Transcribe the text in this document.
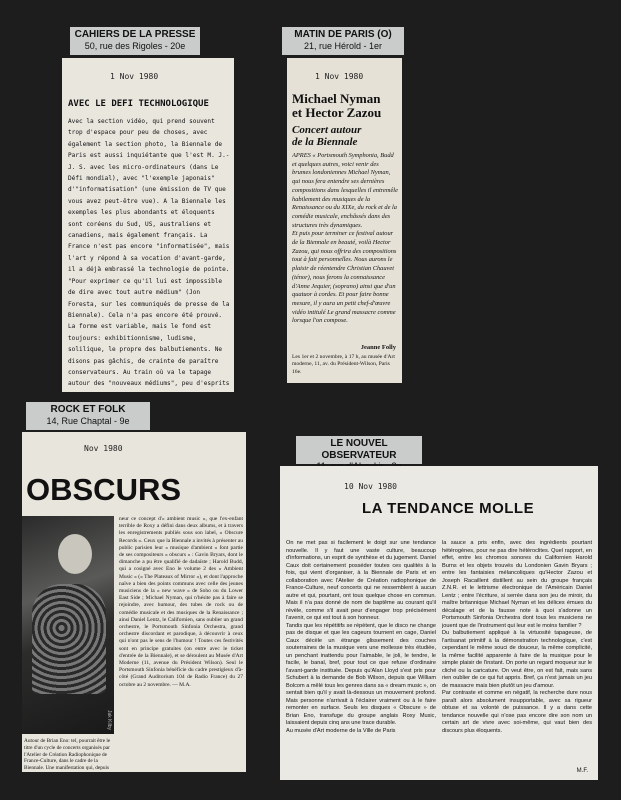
CAHIERS DE LA PRESSE
50, rue des Rigoles - 20e
1 Nov 1980
AVEC LE DEFI TECHNOLOGIQUE
Avec la section vidéo, qui prend souvent trop d'espace pour peu de choses, avec également la section photo, la Biennale de Paris est aussi inquiétante que l'est M. J.-J. S. avec les micro-ordinateurs (dans Le Défi mondial), avec "l'exemple japonais" d'"informatisation" (une émission de TV que vous avez peut-être vue). A la Biennale les exemples les plus abondants et éloquents sont coréens du Sud, US, australiens et canadiens, mais également français. La France n'est pas encore "informatisée", mais l'art y répond à sa vocation d'avant-garde, il a déjà embrassé la technologie de pointe. "Pour exprimer ce qu'il lui est impossible de dire avec tout autre médium" (Jon Foresta, sur les communiqués de presse de la Biennale). Cela n'a pas encore été prouvé. La forme est variable, mais le fond est toujours: exhibitionnisme, ludisme, solilique, le propre des balbutiements. Ne disons pas gâchis, de crainte de paraître conservateurs. Au train où va le tapage autour des "nouveaux médiums", peu d'esprits
MATIN DE PARIS (O)
21, rue Hérold - 1er
1 Nov 1980
Michael Nyman
et Hector Zazou
Concert autour
de la Biennale
APRES « Portsmouth Symphonia, Budd et quelques autres, voici venir des brumes londoniennes Michael Nyman, qui nous fera entendre ses dernières compositions dans lesquelles il entremêle habilement des musiques de la Renaissance ou du XIXe, du rock et de la comédie musicale, enchâssés dans des structures très dynamiques.
Et puis pour terminer ce festival autour de la Biennale en beauté, voilà Hector Zazou, qui nous offrira des compositions tout à fait personnelles. Nous aurons le plaisir de réentendre Christian Chauvet (ténor), nous ferons la connaissance d'Anne Jequier, (soprano) ainsi que d'un quatuor à cordes. Et pour faire bonne mesure, il y aura un petit chef-d'œuvre vidéo intitulé Le grand massacre comme lorsque l'on compose.
Jeanne Folly
Les 1er et 2 novembre, à 17 h, au musée d'Art moderne, 11, av. du Président-Wilson, Paris 16e.
ROCK ET FOLK
14, Rue Chaptal - 9e
Nov 1980
OBSCURS
Jak Kilby
Autour de Brian Eno: tel, pourrait être le titre d'un cycle de concerts organisés par l'Atelier de Création Radiophonique de France-Culture, dans le cadre de la Biennale. Une manifestation qui, depuis
neur ce concept d'« ambient music », que l'ex-enfant terrible de Roxy a défini dans deux albums, et à travers les enregistrements publiés sous son label, « Obscure Records ». Ceux que la Biennale a invités à présenter au public parisien leur « musique d'ambient » font partie de ses compositeurs « obscurs » : Gavin Bryars, dont le dimanche a pu être qualifié de dadaïste ; Harold Budd, qui a cosigné avec Eno le volume 2 des « Ambient Music » (« The Plateaux of Mirror »), et dont l'approche naïve a bien des points communs avec celle des jeunes musiciens de la « new wave » de Soho ou du Lower East Side ; Michael Nyman, qui n'hésite pas à faire se rejoindre, avec humour, des tubes de rock ou de comédie musicale et des musiques de la Renaissance ; ainsi Daniel Lentz, le Californien, sans oublier un grand orchestre, le Portsmouth Sinfonia Orchestra, grand orchestre discordant et parodique, à découvrir à ceux qui n'ont pas le sens de l'humour ! Toutes ces festivités sont en principe gratuites (on entre avec le ticket d'entrée de la Biennale), et se déroulent au Musée d'Art Moderne (11, avenue du Président Wilson). Seul le Portsmouth Sinfonia bénéficie du cadre prestigieux d'à-côté (Grand Auditorium 104 de Radio France) du 27 octobre au 2 novembre. — M.A.
LE NOUVEL OBSERVATEUR
10 Nov 1980
LA TENDANCE MOLLE
On ne met pas si facilement le doigt sur une tendance nouvelle. Il y faut une vaste culture, beaucoup d'informations, un esprit de synthèse et du jugement. Daniel Caux doit certainement posséder toutes ces qualités à la fois, qui vient d'organiser, à la Biennale de Paris et en collaboration avec l'Atelier de Création radiophonique de France-Culture, neuf concerts qui ne ressemblent à aucun autre et qui, pourtant, ont tous quelque chose en commun. Mais il n'a pas donné de nom de baptême au courant qu'il révèle, comme s'il avait peur d'engager trop précisément l'avenir, ce qui est tout à son honneur.
Tandis que les répétitifs se répètent, que le disco ne change pas de disque et que les cageurs tournent en cage, Daniel Caux décèle un étrange glissement des couches souterraines de la musique vers une mollesse très étudiée, un penchant inattendu pour l'aimable, le joli, le tendre, le facile, le banal, bref, pour tout ce que refuse d'ordinaire l'avant-garde instituée. Depuis qu'Alan Lloyd s'est pris pour Schubert à la demande de Bob Wilson, depuis que William Bolcom a mêlé tous les genres dans sa « dream music », on sentait bien qu'il y avait là-dessous un mouvement profond. Mais personne n'arrivait à l'éclairer vraiment ou à le faire remonter en surface. Seuls les disques « Obscure » de Brian Eno, transfuge du groupe anglais Roxy Music, laissaient depuis cinq ans une trace durable.
Au musée d'Art moderne de la Ville de Paris
la sauce a pris enfin, avec des ingrédients pourtant hétérogènes, pour ne pas dire hétéroclites. Quel rapport, en effet, entre les chromos sonores du Californien Harold Burns et les objets trouvés du Londonien Gavin Bryars ; entre les fantaisies mélancoliques qu'Hector Zazou et Joseph Racaillent distillent au sein du groupe français Z.N.R. et le lettrisme électronique de l'Américain Daniel Lentz ; entre l'écriture, si serrée dans son jeu de miroir, du maître britannique Michael Nyman et les délices émues du décalage et de la fausse note à quoi s'adonne un Portsmouth Sinfonia Orchestra dont tous les musiciens ne jouent que de l'instrument qui leur est le moins familier ?
Du balbutiement appliqué à la virtuosité tapageuse, de l'artisanat primitif à la démonstration technologique, c'est cependant le même souci de douceur, la même complicité, la même facilité apparente à faire de la musique pour le simple plaisir de l'instant. On porte un regard moqueur sur le cliché ou la caricature. On veut être, on est fait, mais sans rien oublier de ce qui fut appris. Bref, ça n'est jamais un jeu de massacre mais bien plutôt un jeu d'amour.
Par contraste et comme en négatif, la recherche dure nous paraît alors absolument insupportable, avec sa rigueur obtuse et sa volonté de puissance. Il y a dans cette tendance nouvelle qui n'ose pas encore dire son nom un certain art de vivre avec soi-même, qui vaut bien des discours plus éloquents.
M.F.
